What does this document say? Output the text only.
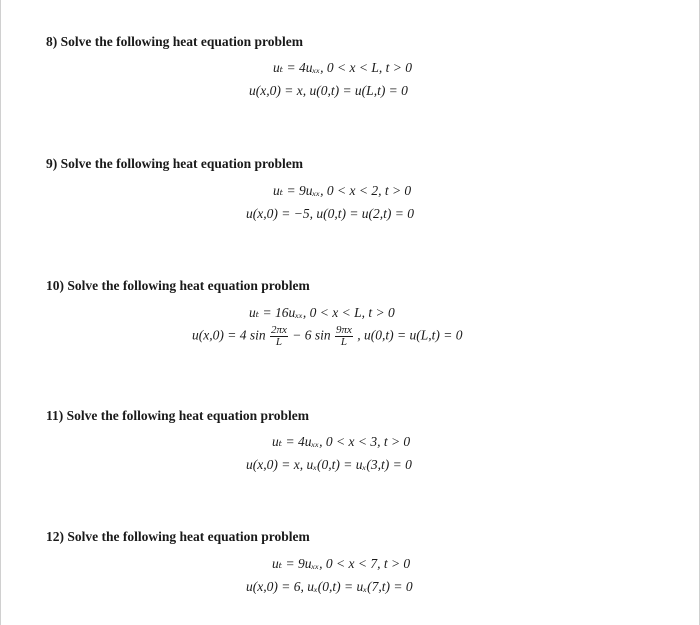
8) Solve the following heat equation problem
uₜ = 4uₓₓ, 0 < x < L, t > 0
u(x,0) = x, u(0,t) = u(L,t) = 0
9) Solve the following heat equation problem
uₜ = 9uₓₓ, 0 < x < 2, t > 0
u(x,0) = −5, u(0,t) = u(2,t) = 0
10) Solve the following heat equation problem
uₜ = 16uₓₓ, 0 < x < L, t > 0
u(x,0) = 4 $\sin \frac{2\pi x}{L} - 6$ $\sin \frac{9\pi x}{L}$ , u(0,t) = u(L,t) = 0
11) Solve the following heat equation problem
uₜ = 4uₓₓ, 0 < x < 3, t > 0
u(x,0) = x, uₓ(0,t) = uₓ(3,t) = 0
12) Solve the following heat equation problem
uₜ = 9uₓₓ, 0 < x < 7, t > 0
u(x,0) = 6, uₓ(0,t) = uₓ(7,t) = 0
